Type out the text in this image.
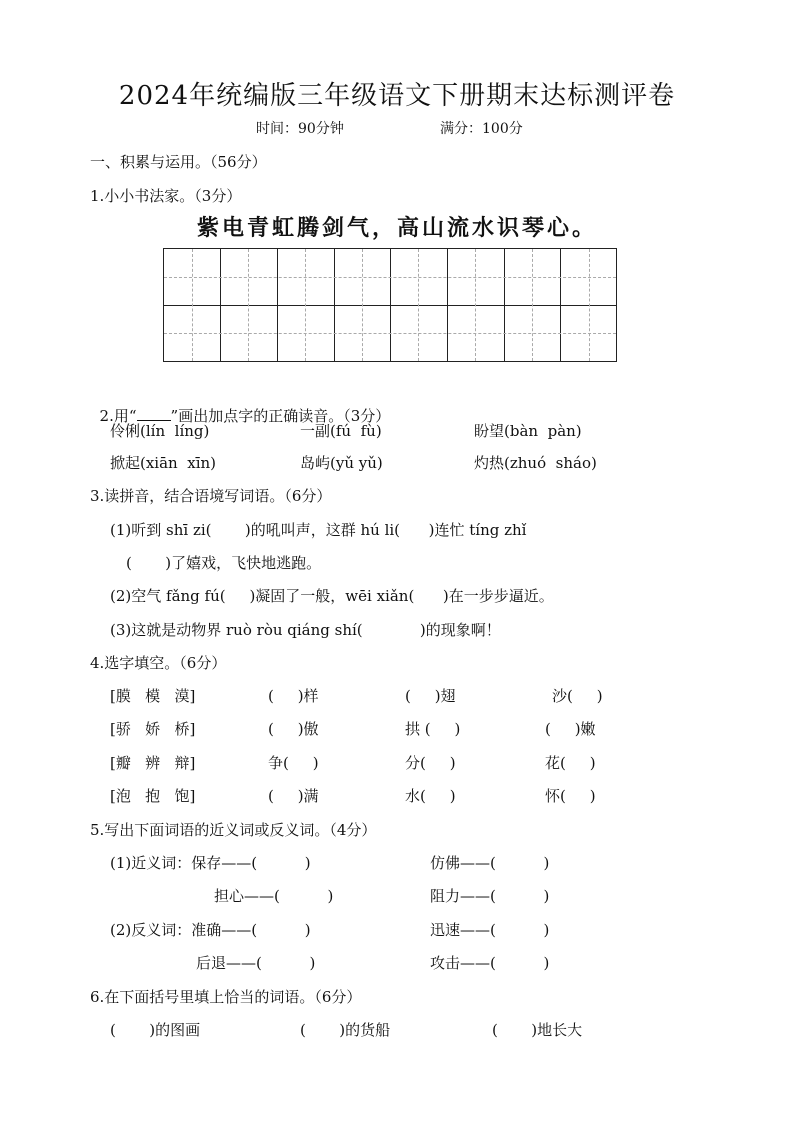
2024年统编版三年级语文下册期末达标测评卷
时间：90分钟	满分：100分
一、积累与运用。（56分）
1.小小书法家。（3分）
紫电青虹腾剑气，高山流水识琴心。

2.用“ ”画出加点字的正确读音。（3分）

伶俐(lín  líng)	一副(fú  fù)	盼望(bàn  pàn)
掀起(xiān  xīn)	岛屿(yǔ yǔ)	灼热(zhuó  sháo)
3.读拼音，结合语境写词语。（6分）
(1)听到 shī zi(       )的吼叫声，这群 hú li(      )连忙 tíng zhǐ
(       )了嬉戏，飞快地逃跑。
(2)空气 fǎng fú(     )凝固了一般，wēi xiǎn(      )在一步步逼近。
(3)这就是动物界 ruò ròu qiáng shí(            )的现象啊！
4.选字填空。（6分）
[膜   模   漠]	(     )样	(     )翅	沙(     )
[骄   娇   桥]	(     )傲	拱 (     )	(     )嫩
[瓣   辨   辩]	争(     )	分(     )	花(     )
[泡   抱   饱]	(     )满	水(     )	怀(     )
5.写出下面词语的近义词或反义词。（4分）
(1)近义词：保存——(          )	仿佛——(          )
担心——(          )	阻力——(          )
(2)反义词：准确——(          )	迅速——(          )
后退——(          )	攻击——(          )
6.在下面括号里填上恰当的词语。（6分）
(       )的图画	(       )的货船	(       )地长大
